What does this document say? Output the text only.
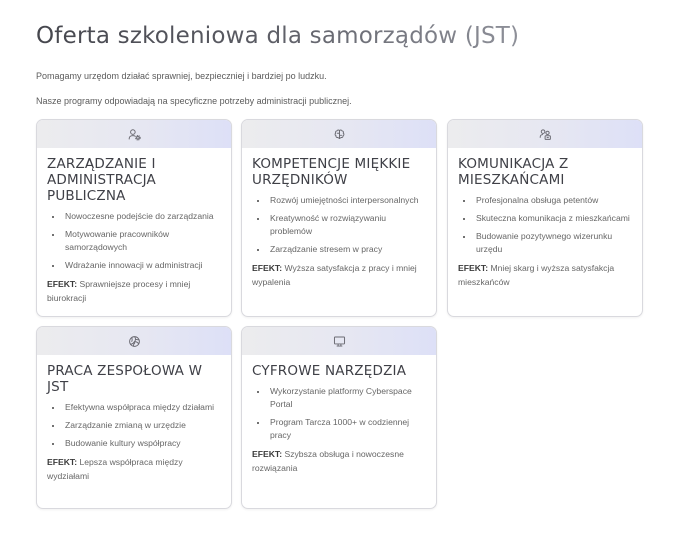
Oferta szkoleniowa dla samorządów (JST)

Pomagamy urzędom działać sprawniej, bezpieczniej i bardziej po ludzku.

Nasze programy odpowiadają na specyficzne potrzeby administracji publicznej.

ZARZĄDZANIE I ADMINISTRACJA PUBLICZNA
• Nowoczesne podejście do zarządzania
• Motywowanie pracowników samorządowych
• Wdrażanie innowacji w administracji
EFEKT: Sprawniejsze procesy i mniej biurokracji
KOMPETENCJE MIĘKKIE URZĘDNIKÓW
• Rozwój umiejętności interpersonalnych
• Kreatywność w rozwiązywaniu problemów
• Zarządzanie stresem w pracy
EFEKT: Wyższa satysfakcja z pracy i mniej wypalenia
KOMUNIKACJA Z MIESZKAŃCAMI
• Profesjonalna obsługa petentów
• Skuteczna komunikacja z mieszkańcami
• Budowanie pozytywnego wizerunku urzędu
EFEKT: Mniej skarg i wyższa satysfakcja mieszkańców
PRACA ZESPOŁOWA W JST
• Efektywna współpraca między działami
• Zarządzanie zmianą w urzędzie
• Budowanie kultury współpracy
EFEKT: Lepsza współpraca między wydziałami
CYFROWE NARZĘDZIA
• Wykorzystanie platformy Cyberspace Portal
• Program Tarcza 1000+ w codziennej pracy
EFEKT: Szybsza obsługa i nowoczesne rozwiązania
